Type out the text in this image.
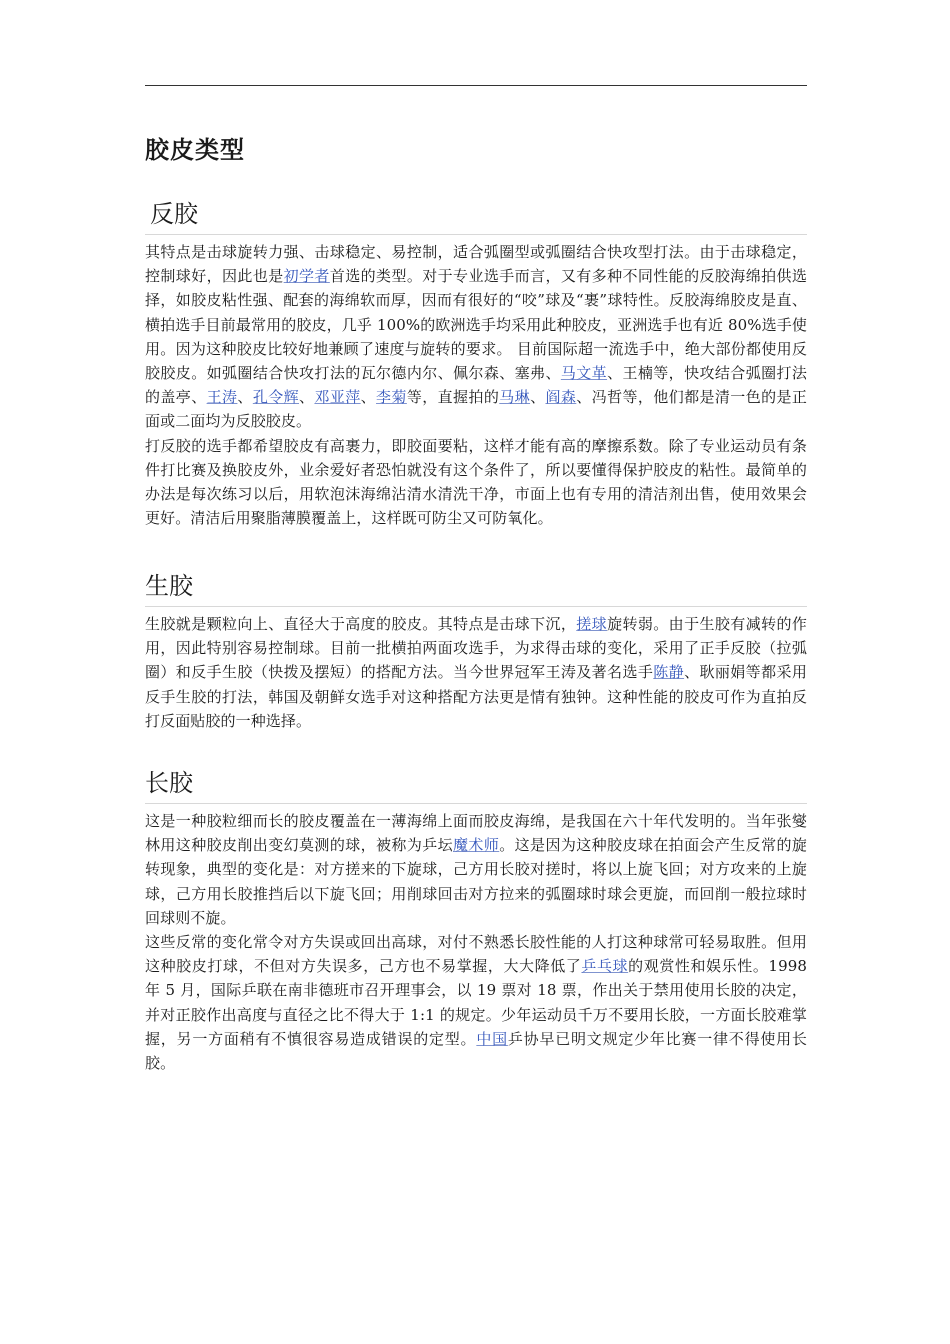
胶皮类型
反胶

其特点是击球旋转力强、击球稳定、易控制，适合弧圈型或弧圈结合快攻型打法。由于击球稳定，控制球好，因此也是初学者首选的类型。对于专业选手而言，又有多种不同性能的反胶海绵拍供选择，如胶皮粘性强、配套的海绵软而厚，因而有很好的“咬”球及“裹”球特性。反胶海绵胶皮是直、横拍选手目前最常用的胶皮，几乎 100%的欧洲选手均采用此种胶皮，亚洲选手也有近 80%选手使用。因为这种胶皮比较好地兼顾了速度与旋转的要求。 目前国际超一流选手中，绝大部份都使用反胶胶皮。如弧圈结合快攻打法的瓦尔德内尔、佩尔森、塞弗、马文革、王楠等，快攻结合弧圈打法的盖亭、王涛、孔令辉、邓亚萍、李菊等，直握拍的马琳、阎森、冯哲等，他们都是清一色的是正面或二面均为反胶胶皮。

打反胶的选手都希望胶皮有高裹力，即胶面要粘，这样才能有高的摩擦系数。除了专业运动员有条件打比赛及换胶皮外，业余爱好者恐怕就没有这个条件了，所以要懂得保护胶皮的粘性。最简单的办法是每次练习以后，用软泡沫海绵沾清水清洗干净，市面上也有专用的清洁剂出售，使用效果会更好。清洁后用聚脂薄膜覆盖上，这样既可防尘又可防氧化。

生胶

生胶就是颗粒向上、直径大于高度的胶皮。其特点是击球下沉，搓球旋转弱。由于生胶有减转的作用，因此特别容易控制球。目前一批横拍两面攻选手，为求得击球的变化，采用了正手反胶（拉弧圈）和反手生胶（快拨及摆短）的搭配方法。当今世界冠军王涛及著名选手陈静、耿丽娟等都采用反手生胶的打法，韩国及朝鲜女选手对这种搭配方法更是情有独钟。这种性能的胶皮可作为直拍反打反面贴胶的一种选择。

长胶

这是一种胶粒细而长的胶皮覆盖在一薄海绵上面而胶皮海绵，是我国在六十年代发明的。当年张燮林用这种胶皮削出变幻莫测的球，被称为乒坛魔术师。这是因为这种胶皮球在拍面会产生反常的旋转现象，典型的变化是：对方搓来的下旋球，己方用长胶对搓时，将以上旋飞回；对方攻来的上旋球，己方用长胶推挡后以下旋飞回；用削球回击对方拉来的弧圈球时球会更旋，而回削一般拉球时回球则不旋。

这些反常的变化常令对方失误或回出高球，对付不熟悉长胶性能的人打这种球常可轻易取胜。但用这种胶皮打球，不但对方失误多，己方也不易掌握，大大降低了乒乓球的观赏性和娱乐性。1998 年 5 月，国际乒联在南非德班市召开理事会，以 19 票对 18 票，作出关于禁用使用长胶的决定，并对正胶作出高度与直径之比不得大于 1:1 的规定。少年运动员千万不要用长胶，一方面长胶难掌握，另一方面稍有不慎很容易造成错误的定型。中国乒协早已明文规定少年比赛一律不得使用长胶。
